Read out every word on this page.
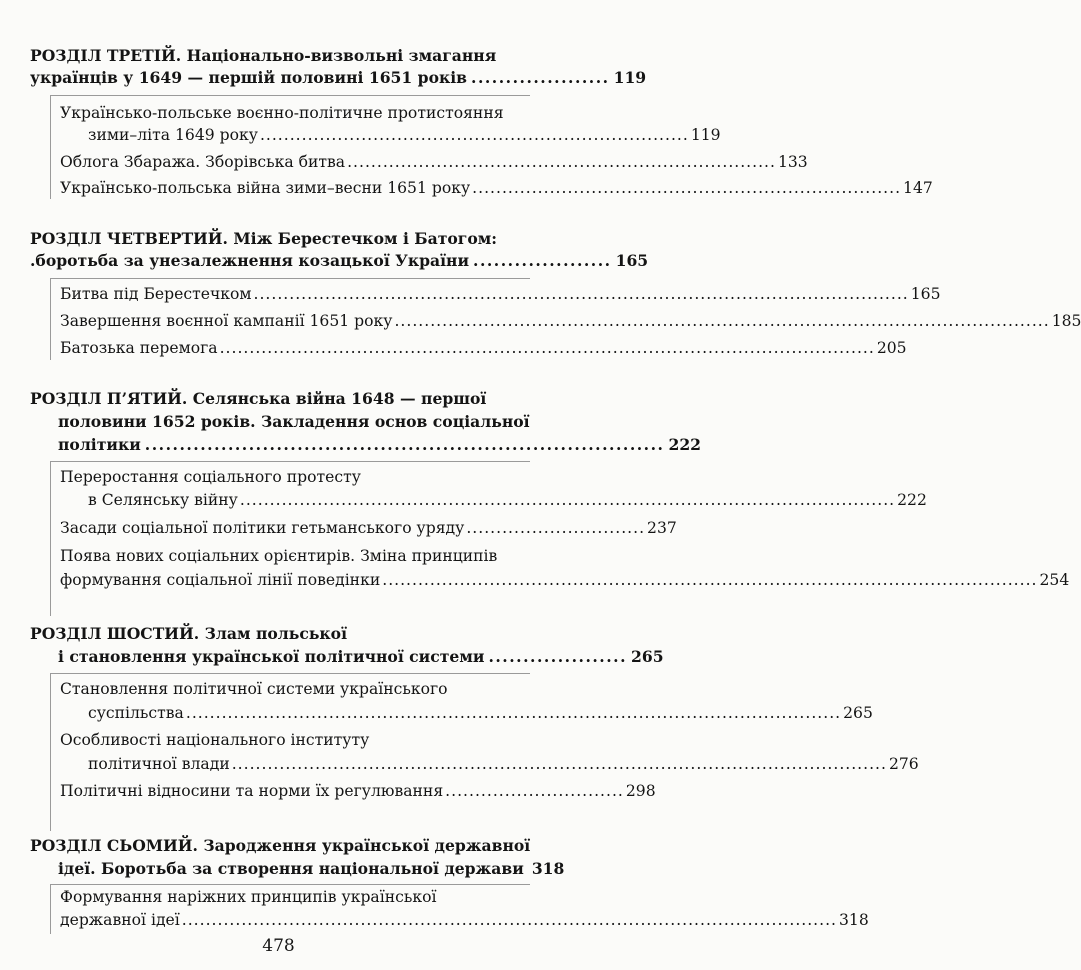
РОЗДІЛ ТРЕТІЙ. Національно-визвольні змагання
українців у 1649 — першій половині 1651 років .................... 119
Українсько-польське воєнно-політичне протистояння
зими–літа 1649 року ........................................................................ 119
Облога Збаража. Зборівська битва ........................................................................ 133
Українсько-польська війна зими–весни 1651 року ........................................................................ 147
РОЗДІЛ ЧЕТВЕРТИЙ. Між Берестечком і Батогом:
.боротьба за унезалежнення козацької України .................... 165
Битва під Берестечком .............................................................................................................. 165
Завершення воєнної кампанії 1651 року .............................................................................................................. 185
Батозька перемога .............................................................................................................. 205
РОЗДІЛ П’ЯТИЙ. Селянська війна 1648 — першої
половини 1652 років. Закладення основ соціальної
політики ........................................................................... 222
Переростання соціального протесту
в Селянську війну .............................................................................................................. 222
Засади соціальної політики гетьманського уряду .............................. 237
Поява нових соціальних орієнтирів. Зміна принципів
формування соціальної лінії поведінки .............................................................................................................. 254
РОЗДІЛ ШОСТИЙ. Злам польської
і становлення української політичної системи .................... 265
Становлення політичної системи українського
суспільства .............................................................................................................. 265
Особливості національного інституту
політичної влади .............................................................................................................. 276
Політичні відносини та норми їх регулювання .............................. 298
РОЗДІЛ СЬОМИЙ. Зародження української державної
ідеї. Боротьба за створення національної держави 318
Формування наріжних принципів української
державної ідеї .............................................................................................................. 318
478
